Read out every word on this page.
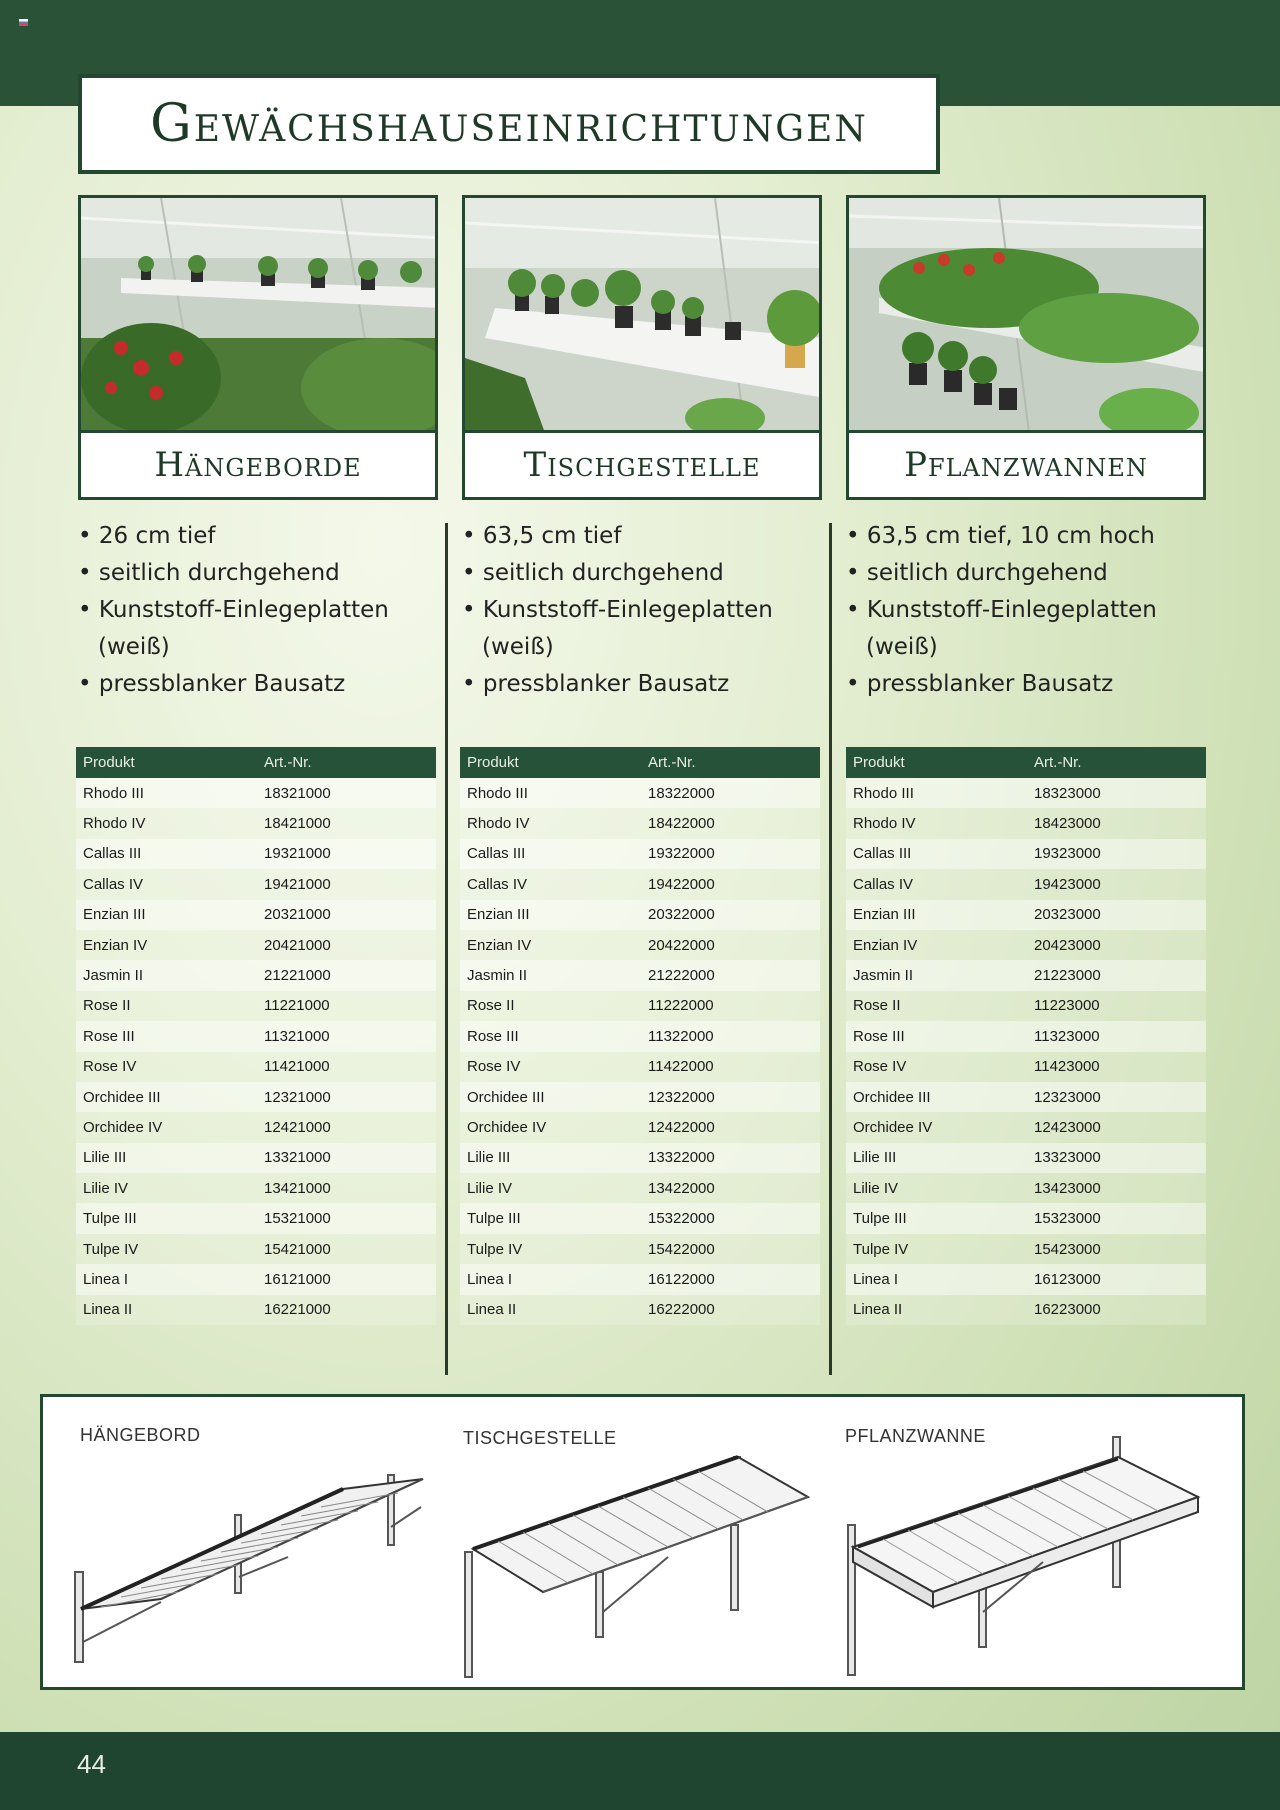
Gewächshauseinrichtungen
Hängeborde
• 26 cm tief
• seitlich durchgehend
• Kunststoff-Einlegeplatten (weiß)
• pressblanker Bausatz
Tischgestelle
• 63,5 cm tief
• seitlich durchgehend
• Kunststoff-Einlegeplatten (weiß)
• pressblanker Bausatz
Pflanzwannen
• 63,5 cm tief, 10 cm hoch
• seitlich durchgehend
• Kunststoff-Einlegeplatten (weiß)
• pressblanker Bausatz
Produkt	Art.-Nr.
Rhodo III	18321000
Rhodo IV	18421000
Callas III	19321000
Callas IV	19421000
Enzian III	20321000
Enzian IV	20421000
Jasmin II	21221000
Rose II	11221000
Rose III	11321000
Rose IV	11421000
Orchidee III	12321000
Orchidee IV	12421000
Lilie III	13321000
Lilie IV	13421000
Tulpe III	15321000
Tulpe IV	15421000
Linea I	16121000
Linea II	16221000
Produkt	Art.-Nr.
Rhodo III	18322000
Rhodo IV	18422000
Callas III	19322000
Callas IV	19422000
Enzian III	20322000
Enzian IV	20422000
Jasmin II	21222000
Rose II	11222000
Rose III	11322000
Rose IV	11422000
Orchidee III	12322000
Orchidee IV	12422000
Lilie III	13322000
Lilie IV	13422000
Tulpe III	15322000
Tulpe IV	15422000
Linea I	16122000
Linea II	16222000
Produkt	Art.-Nr.
Rhodo III	18323000
Rhodo IV	18423000
Callas III	19323000
Callas IV	19423000
Enzian III	20323000
Enzian IV	20423000
Jasmin II	21223000
Rose II	11223000
Rose III	11323000
Rose IV	11423000
Orchidee III	12323000
Orchidee IV	12423000
Lilie III	13323000
Lilie IV	13423000
Tulpe III	15323000
Tulpe IV	15423000
Linea I	16123000
Linea II	16223000
HÄNGEBORD	TISCHGESTELLE	PFLANZWANNE
44
